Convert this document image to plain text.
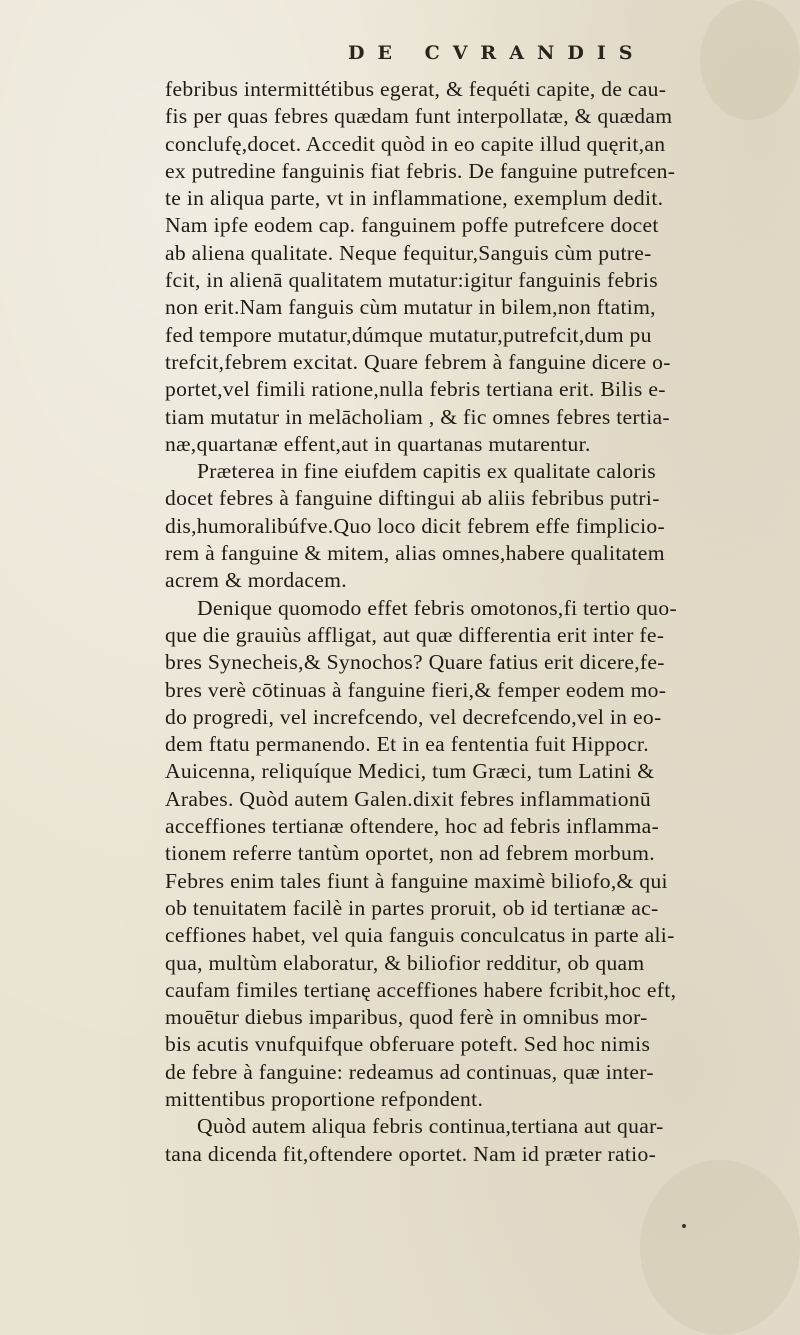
DE CVRANDIS
febribus intermittétibus egerat, & fequéti capite, de cau-
fis per quas febres quædam funt interpollatæ, & quædam
conclufę,docet. Accedit quòd in eo capite illud quęrit,an
ex putredine fanguinis fiat febris. De fanguine putrefcen-
te in aliqua parte, vt in inflammatione, exemplum dedit.
Nam ipfe eodem cap. fanguinem poffe putrefcere docet
ab aliena qualitate. Neque fequitur,Sanguis cùm putre-
fcit, in alienā qualitatem mutatur:igitur fanguinis febris
non erit.Nam fanguis cùm mutatur in bilem,non ftatim,
fed tempore mutatur,dúmque mutatur,putrefcit,dum pu
trefcit,febrem excitat. Quare febrem à fanguine dicere o-
portet,vel fimili ratione,nulla febris tertiana erit. Bilis e-
tiam mutatur in melācholiam , & fic omnes febres tertia-
næ,quartanæ effent,aut in quartanas mutarentur.
Præterea in fine eiufdem capitis ex qualitate caloris
docet febres à fanguine diftingui ab aliis febribus putri-
dis,humoralibúfve.Quo loco dicit febrem effe fimplicio-
rem à fanguine & mitem, alias omnes,habere qualitatem
acrem & mordacem.
Denique quomodo effet febris omotonos,fi tertio quo-
que die grauiùs affligat, aut quæ differentia erit inter fe-
bres Synecheis,& Synochos? Quare fatius erit dicere,fe-
bres verè cōtinuas à fanguine fieri,& femper eodem mo-
do progredi, vel increfcendo, vel decrefcendo,vel in eo-
dem ftatu permanendo. Et in ea fententia fuit Hippocr.
Auicenna, reliquíque Medici, tum Græci, tum Latini &
Arabes. Quòd autem Galen.dixit febres inflammationū
acceffiones tertianæ oftendere, hoc ad febris inflamma-
tionem referre tantùm oportet, non ad febrem morbum.
Febres enim tales fiunt à fanguine maximè biliofo,& qui
ob tenuitatem facilè in partes proruit, ob id tertianæ ac-
ceffiones habet, vel quia fanguis conculcatus in parte ali-
qua, multùm elaboratur, & biliofior redditur, ob quam
caufam fimiles tertianę acceffiones habere fcribit,hoc eft,
mouētur diebus imparibus, quod ferè in omnibus mor-
bis acutis vnufquifque obferuare poteft. Sed hoc nimis
de febre à fanguine: redeamus ad continuas, quæ inter-
mittentibus proportione refpondent.
Quòd autem aliqua febris continua,tertiana aut quar-
tana dicenda fit,oftendere oportet. Nam id præter ratio-
